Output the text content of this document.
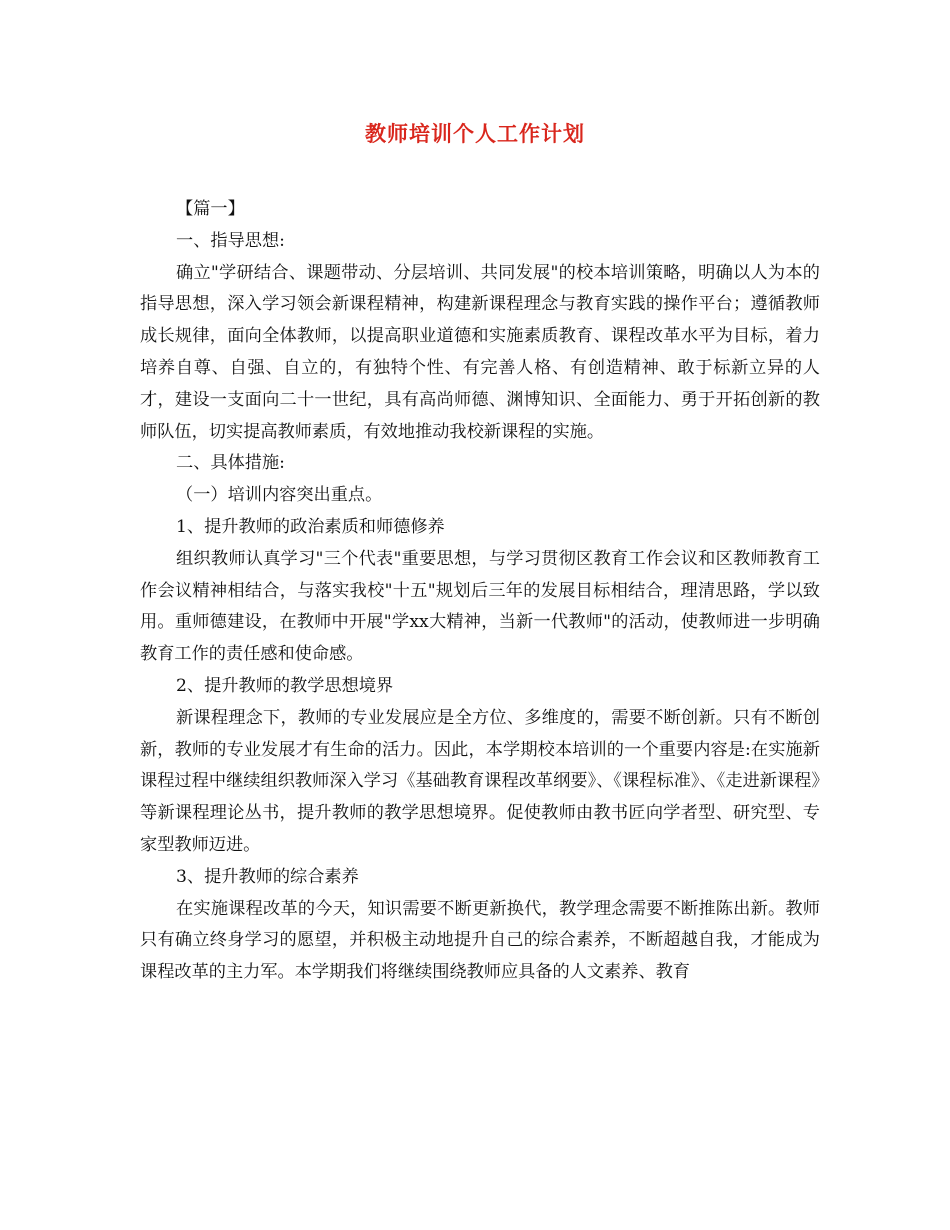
教师培训个人工作计划

【篇一】

一、指导思想:

确立"学研结合、课题带动、分层培训、共同发展"的校本培训策略，明确以人为本的指导思想，深入学习领会新课程精神，构建新课程理念与教育实践的操作平台；遵循教师成长规律，面向全体教师，以提高职业道德和实施素质教育、课程改革水平为目标，着力培养自尊、自强、自立的，有独特个性、有完善人格、有创造精神、敢于标新立异的人才，建设一支面向二十一世纪，具有高尚师德、渊博知识、全面能力、勇于开拓创新的教师队伍，切实提高教师素质，有效地推动我校新课程的实施。

二、具体措施:

（一）培训内容突出重点。

1、提升教师的政治素质和师德修养

组织教师认真学习"三个代表"重要思想，与学习贯彻区教育工作会议和区教师教育工作会议精神相结合，与落实我校"十五"规划后三年的发展目标相结合，理清思路，学以致用。重师德建设，在教师中开展"学xx大精神，当新一代教师"的活动，使教师进一步明确教育工作的责任感和使命感。

2、提升教师的教学思想境界

新课程理念下，教师的专业发展应是全方位、多维度的，需要不断创新。只有不断创新，教师的专业发展才有生命的活力。因此，本学期校本培训的一个重要内容是:在实施新课程过程中继续组织教师深入学习《基础教育课程改革纲要》、《课程标准》、《走进新课程》等新课程理论丛书，提升教师的教学思想境界。促使教师由教书匠向学者型、研究型、专家型教师迈进。

3、提升教师的综合素养

在实施课程改革的今天，知识需要不断更新换代，教学理念需要不断推陈出新。教师只有确立终身学习的愿望，并积极主动地提升自己的综合素养，不断超越自我，才能成为课程改革的主力军。本学期我们将继续围绕教师应具备的人文素养、教育
